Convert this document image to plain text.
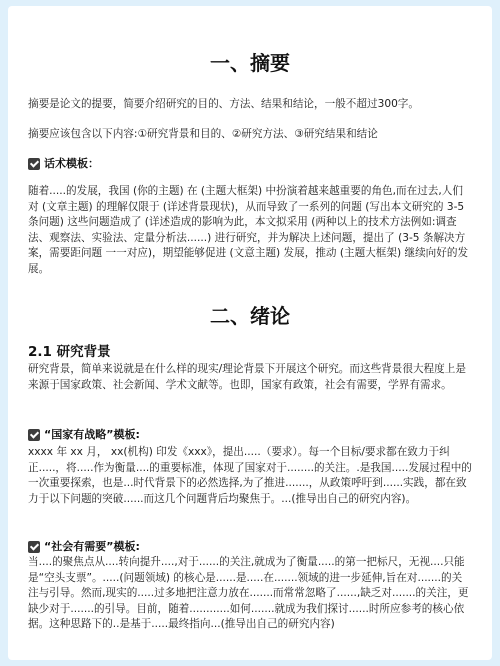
一、摘要

摘要是论文的提要，简要介绍研究的目的、方法、结果和结论，一般不超过300字。

摘要应该包含以下内容:①研究背景和目的、②研究方法、③研究结果和结论

话术模板：

随着.....的发展，我国 (你的主题) 在 (主题大框架) 中扮演着越来越重要的角色,而在过去,人们对 (文章主题) 的理解仅限于 (详述背景现状)，从而导致了一系列的问题 (写出本文研究的 3-5 条问题) 这些问题造成了 (详述造成的影响为此，本文拟采用 (两种以上的技术方法例如:调查法、观察法、实验法、定量分析法......) 进行研究，并为解决上述问题，提出了 (3-5 条解决方案，需要距问题 一一对应)，期望能够促进 (文意主题) 发展，推动 (主题大框架) 继续向好的发展。

二、绪论

2.1 研究背景

研究背景，简单来说就是在什么样的现实/理论背景下开展这个研究。而这些背景很大程度上是来源于国家政策、社会新闻、学术文献等。也即，国家有政策，社会有需要，学界有需求。

“国家有战略”模板:

xxxx 年 xx 月， xx(机构) 印发《xxx》，提出.....（要求）。每一个目标/要求都在致力于纠正.....，将.....作为衡量....的重要标准，体现了国家对于........的关注。.是我国.....发展过程中的一次重要探索，也是...时代背景下的必然选择,为了推进.......，从政策呼吁到......实践，都在致力于以下问题的突破......而这几个问题背后均聚焦于。...(推导出自己的研究内容)。

“社会有需要”模板:

当....的聚焦点从....转向提升....,对于......的关注,就成为了衡量.....的第一把标尺，无视....只能是“空头支票”。.....(问题领域) 的核心是......是.....在.......领域的进一步延伸,旨在对.......的关注与引导。然而,现实的.....过多地把注意力放在.......而常常忽略了......,缺乏对.......的关注，更缺少对于.......的引导。目前，随着............如何.......就成为我们探讨......时所应参考的核心依据。这种思路下的..是基于.....最终指向...(推导出自己的研究内容)
